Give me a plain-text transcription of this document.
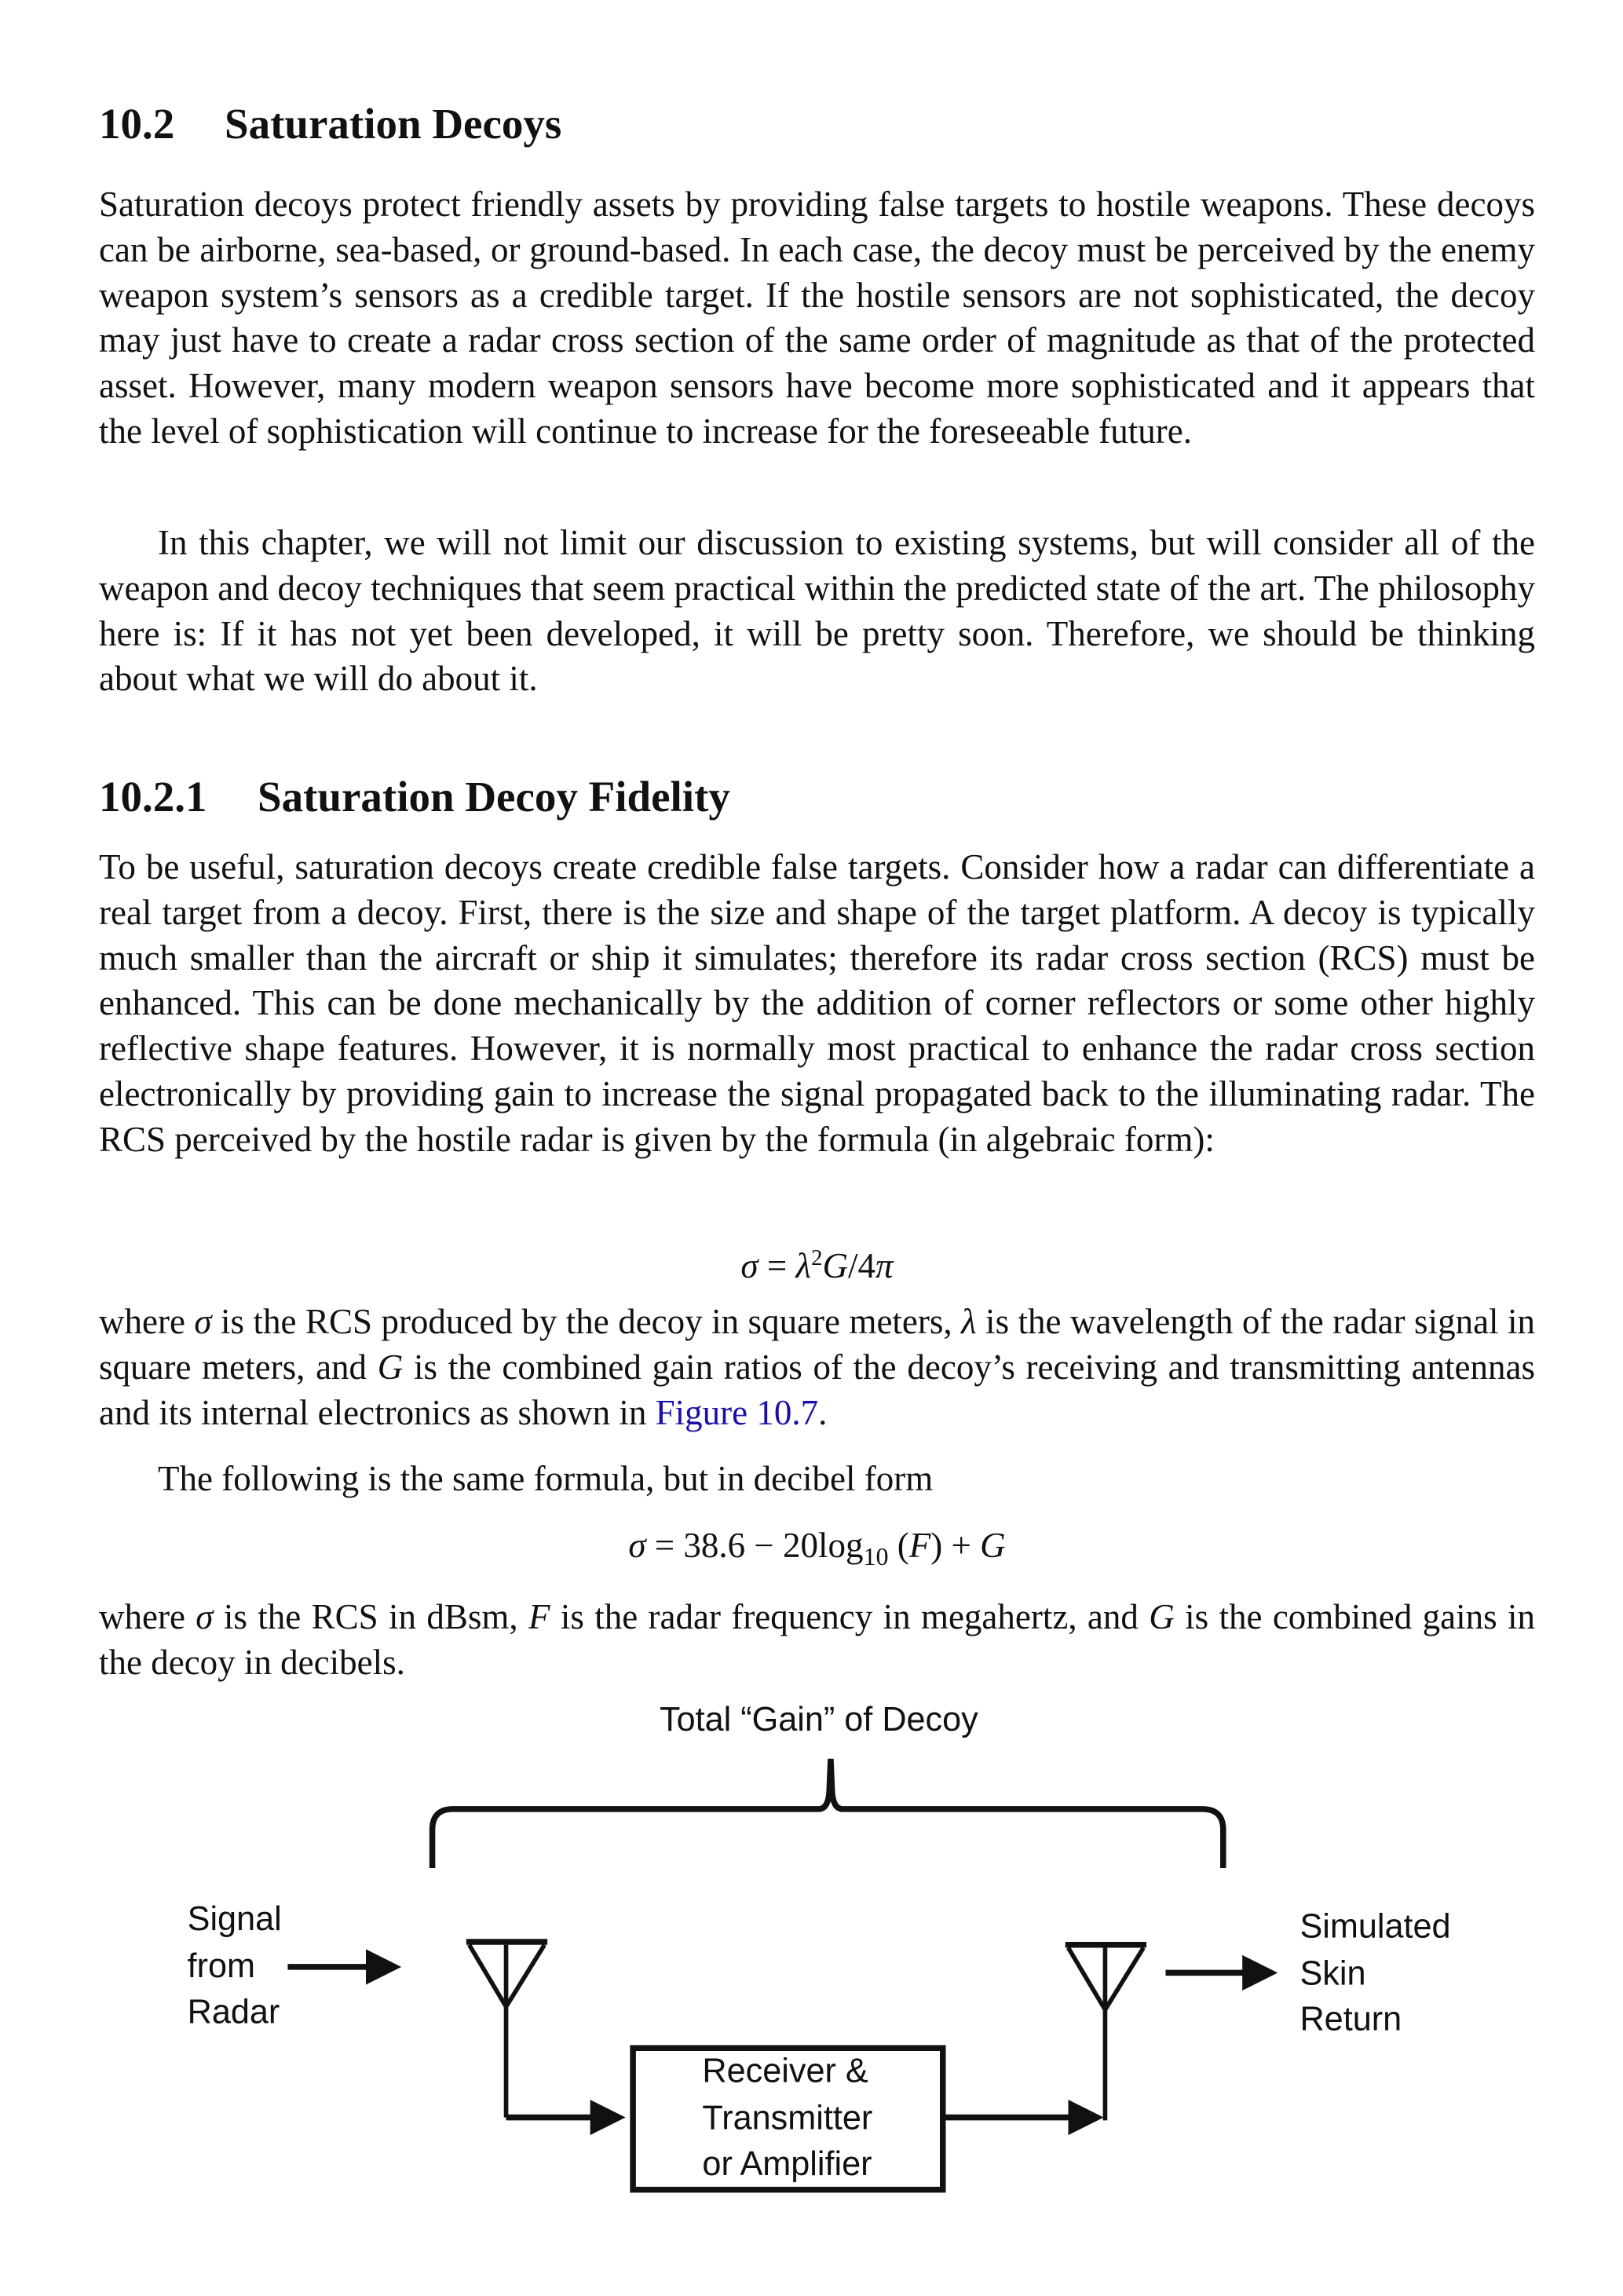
10.2 Saturation Decoys

Saturation decoys protect friendly assets by providing false targets to hostile weapons. These decoys can be airborne, sea-based, or ground-based. In each case, the decoy must be perceived by the enemy weapon system’s sensors as a credible target. If the hostile sensors are not sophisticated, the decoy may just have to create a radar cross section of the same order of magnitude as that of the protected asset. However, many modern weapon sensors have become more sophisticated and it appears that the level of sophistication will continue to increase for the foreseeable future.

In this chapter, we will not limit our discussion to existing systems, but will consider all of the weapon and decoy techniques that seem practical within the predicted state of the art. The philosophy here is: If it has not yet been developed, it will be pretty soon. Therefore, we should be thinking about what we will do about it.

10.2.1 Saturation Decoy Fidelity

To be useful, saturation decoys create credible false targets. Consider how a radar can differentiate a real target from a decoy. First, there is the size and shape of the target platform. A decoy is typically much smaller than the aircraft or ship it simulates; therefore its radar cross section (RCS) must be enhanced. This can be done mechanically by the addition of corner reflectors or some other highly reflective shape features. However, it is normally most practical to enhance the radar cross section electronically by providing gain to increase the signal propagated back to the illuminating radar. The RCS perceived by the hostile radar is given by the formula (in algebraic form):

$\sigma = \lambda^2G/4\pi$

where σ is the RCS produced by the decoy in square meters, λ is the wavelength of the radar signal in square meters, and G is the combined gain ratios of the decoy’s receiving and transmitting antennas and its internal electronics as shown in Figure 10.7.

The following is the same formula, but in decibel form

$\sigma = 38.6 - 20\log_{10}$ (F) + G

where σ is the RCS in dBsm, F is the radar frequency in megahertz, and G is the combined gains in the decoy in decibels.

Total “Gain” of Decoy
Signal
from
Radar
Simulated
Skin
Return
Receiver &
Transmitter
or Amplifier
